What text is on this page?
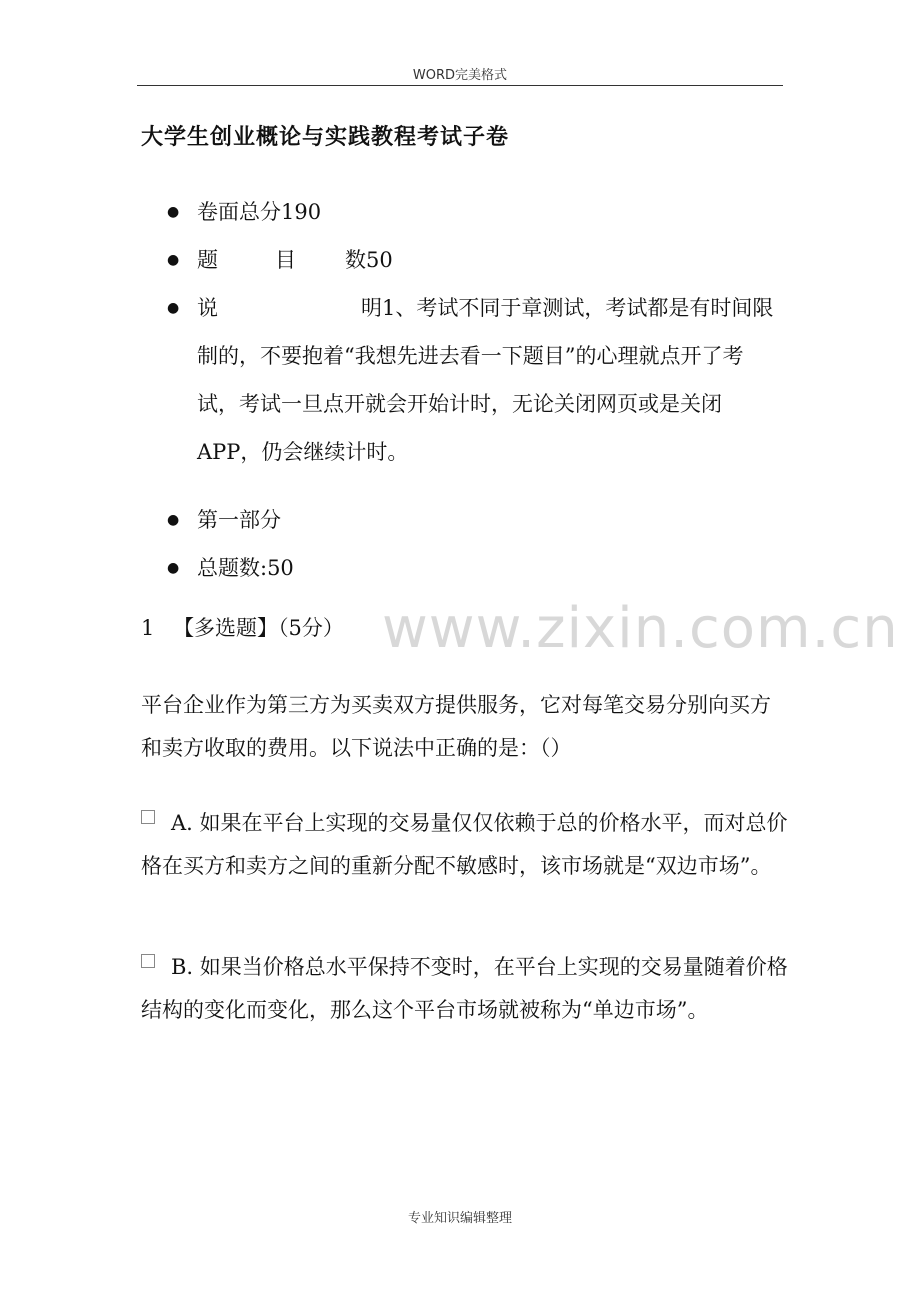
WORD完美格式
大学生创业概论与实践教程考试子卷
● 卷面总分190
● 题	目 数50
● 说	明1、考试不同于章测试，考试都是有时间限制的，不要抱着“我想先进去看一下题目”的心理就点开了考试，考试一旦点开就会开始计时，无论关闭网页或是关闭APP，仍会继续计时。
● 第一部分
● 总题数:50
1 【多选题】（5分）
平台企业作为第三方为买卖双方提供服务，它对每笔交易分别向买方和卖方收取的费用。以下说法中正确的是：（）
A. 如果在平台上实现的交易量仅仅依赖于总的价格水平，而对总价格在买方和卖方之间的重新分配不敏感时，该市场就是“双边市场”。
B. 如果当价格总水平保持不变时，在平台上实现的交易量随着价格结构的变化而变化，那么这个平台市场就被称为“单边市场”。
www.zixin.com.cn
专业知识编辑整理
